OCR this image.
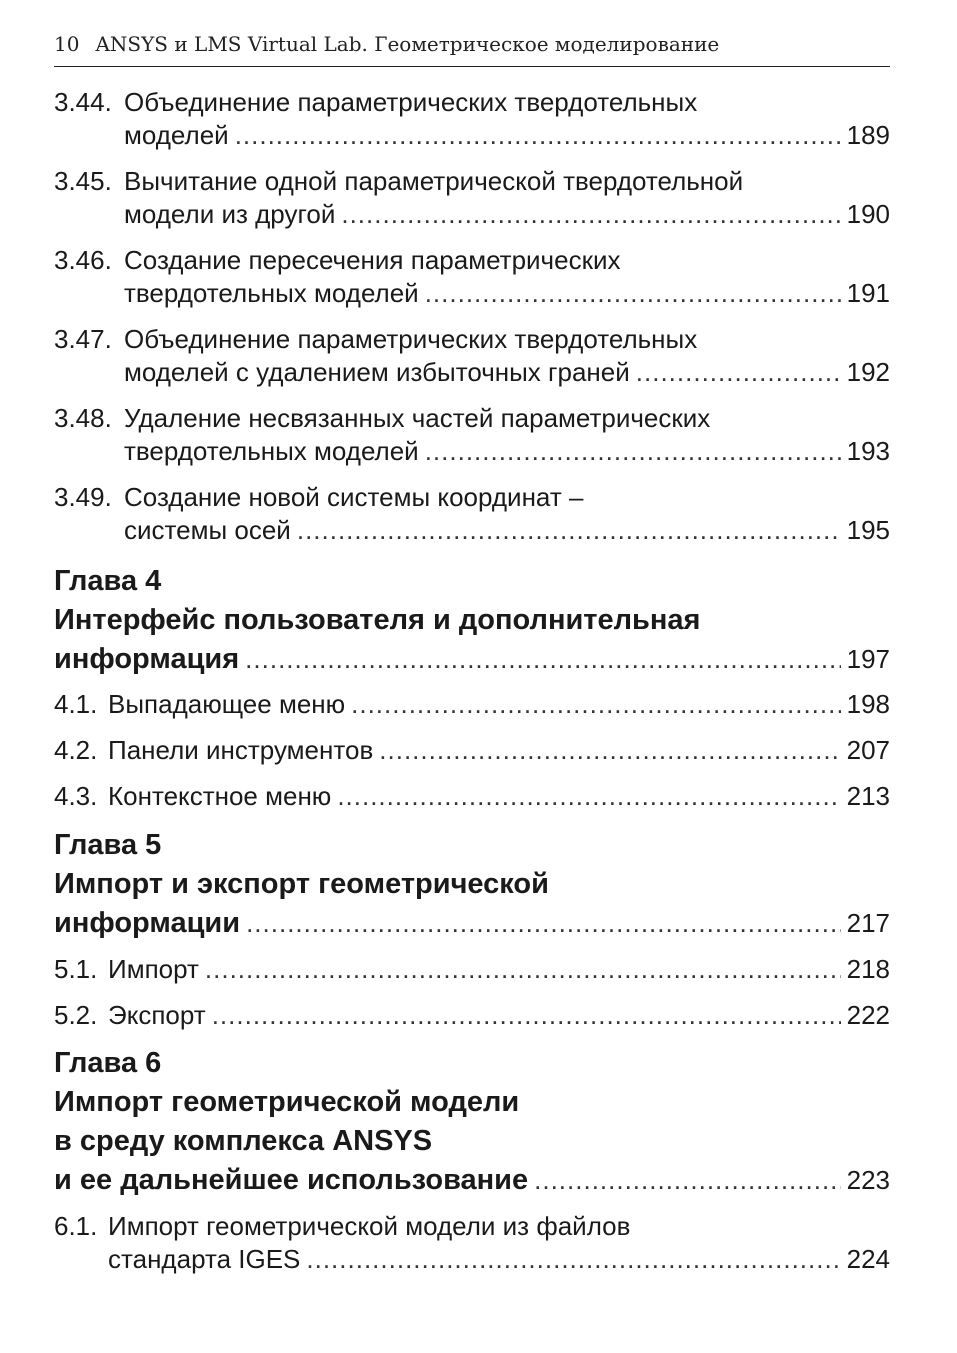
10 ANSYS и LMS Virtual Lab. Геометрическое моделирование
3.44. Объединение параметрических твердотельных
моделей .....	189
3.45. Вычитание одной параметрической твердотельной
модели из другой .....	190
3.46. Создание пересечения параметрических
твердотельных моделей .....	191
3.47. Объединение параметрических твердотельных
моделей с удалением избыточных граней .....	192
3.48. Удаление несвязанных частей параметрических
твердотельных моделей .....	193
3.49. Создание новой системы координат –
системы осей .....	195
Глава 4
Интерфейс пользователя и дополнительная
информация .....	197
4.1. Выпадающее меню .....	198
4.2. Панели инструментов .....	207
4.3. Контекстное меню .....	213
Глава 5
Импорт и экспорт геометрической
информации .....	217
5.1. Импорт .....	218
5.2. Экспорт .....	222
Глава 6
Импорт геометрической модели
в среду комплекса ANSYS
и ее дальнейшее использование .....	223
6.1. Импорт геометрической модели из файлов
стандарта IGES .....	224
